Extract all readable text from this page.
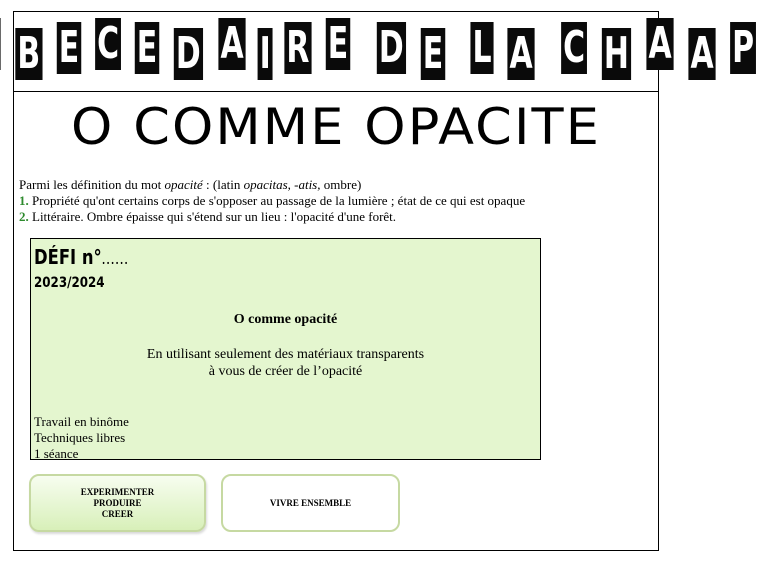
B E C E D A I R E D E L A C H A A P
O COMME OPACITE
Parmi les définition du mot opacité : (latin opacitas, -atis, ombre)
1. Propriété qu'ont certains corps de s'opposer au passage de la lumière ; état de ce qui est opaque
2. Littéraire. Ombre épaisse qui s'étend sur un lieu : l'opacité d'une forêt.
DÉFI n°......
2023/2024
O comme opacité
En utilisant seulement des matériaux transparents
à vous de créer de l’opacité
Travail en binôme
Techniques libres
1 séance
EXPERIMENTER
PRODUIRE
CREER
VIVRE ENSEMBLE
